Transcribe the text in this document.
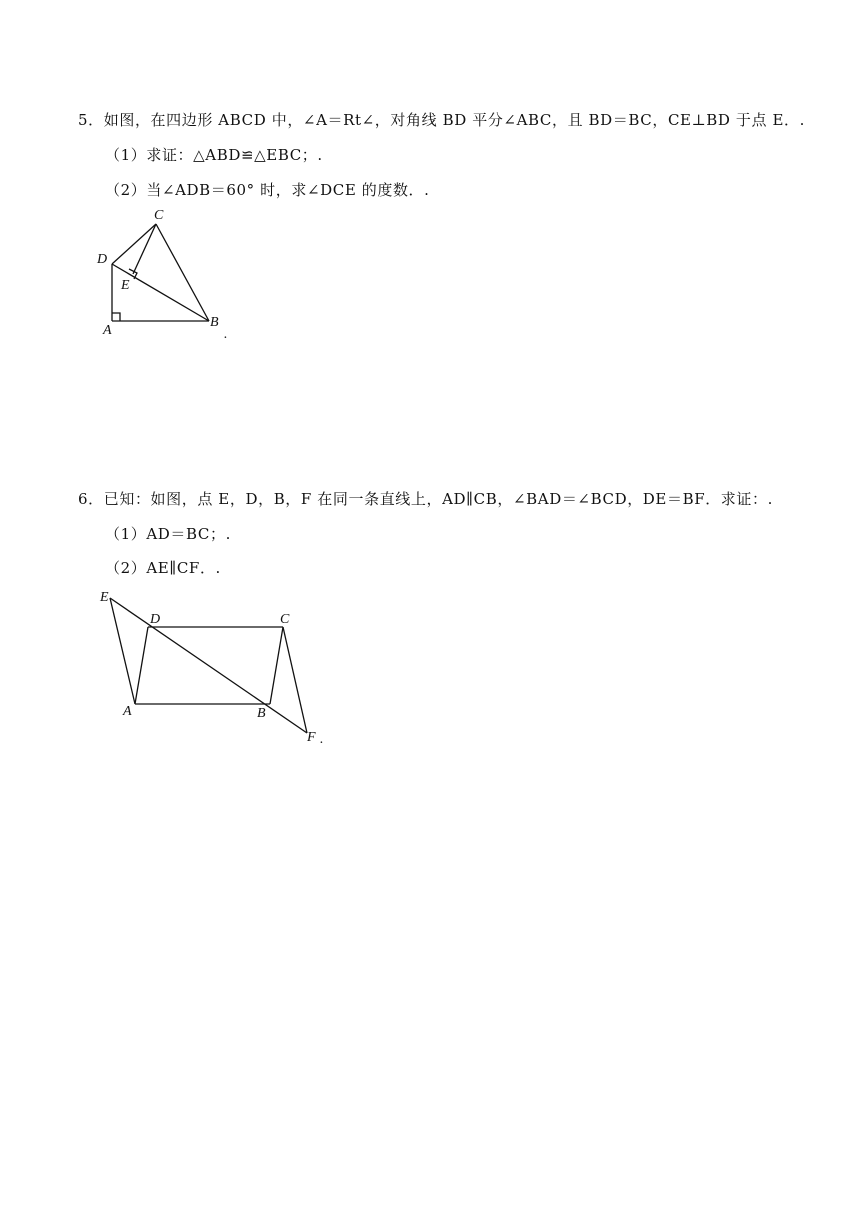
5．如图，在四边形 ABCD 中，∠A＝Rt∠，对角线 BD 平分∠ABC，且 BD＝BC，CE⊥BD 于点 E．.
（1）求证：△ABD≌△EBC；.
（2）当∠ADB＝60° 时，求∠DCE 的度数．.
C
D
E
A
B
.
6．已知：如图，点 E，D，B，F 在同一条直线上，AD∥CB，∠BAD＝∠BCD，DE＝BF．求证：.
（1）AD＝BC；.
（2）AE∥CF．.
E
D	C
A	B
F .
